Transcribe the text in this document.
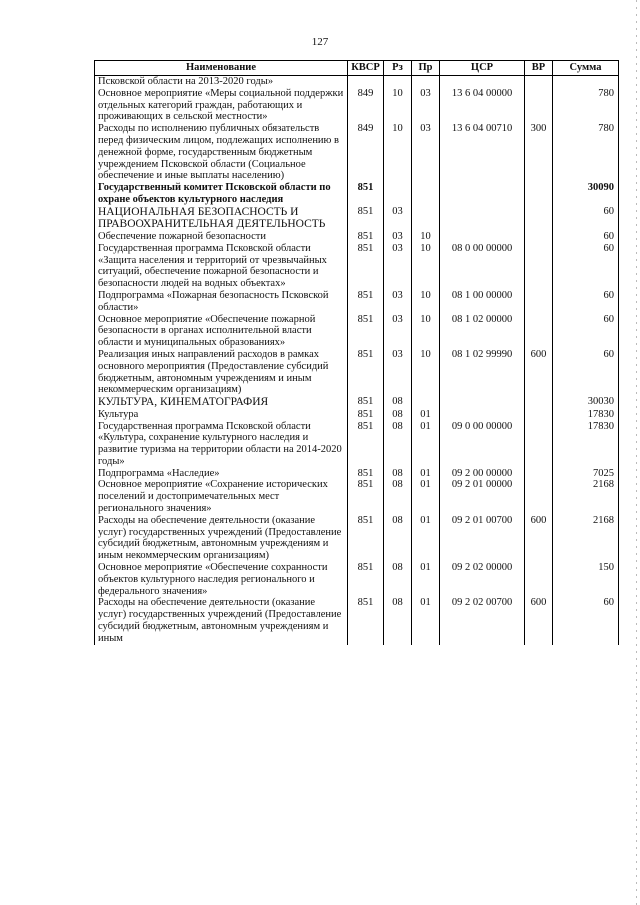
127
Наименование	КВСР	Рз	Пр	ЦСР	ВР	Сумма
Псковской области на 2013-2020 годы»						
Основное мероприятие «Меры социальной поддержки отдельных категорий граждан, работающих и проживающих в сельской местности»	849	10	03	13 6 04 00000		780
Расходы по исполнению публичных обязательств перед физическим лицом, подлежащих исполнению в денежной форме, государственным бюджетным учреждением Псковской области (Социальное обеспечение и иные выплаты населению)	849	10	03	13 6 04 00710	300	780
Государственный комитет Псковской области по охране объектов культурного наследия	851					30090
НАЦИОНАЛЬНАЯ БЕЗОПАСНОСТЬ И ПРАВООХРАНИТЕЛЬНАЯ ДЕЯТЕЛЬНОСТЬ	851	03				60
Обеспечение пожарной безопасности	851	03	10			60
Государственная программа Псковской области «Защита населения и территорий от чрезвычайных ситуаций, обеспечение пожарной безопасности и безопасности людей на водных объектах»	851	03	10	08 0 00 00000		60
Подпрограмма «Пожарная безопасность Псковской области»	851	03	10	08 1 00 00000		60
Основное мероприятие «Обеспечение пожарной безопасности в органах исполнительной власти области и муниципальных образованиях»	851	03	10	08 1 02 00000		60
Реализация иных направлений расходов в рамках основного мероприятия (Предоставление субсидий бюджетным, автономным учреждениям и иным некоммерческим организациям)	851	03	10	08 1 02 99990	600	60
КУЛЬТУРА, КИНЕМАТОГРАФИЯ	851	08				30030
Культура	851	08	01			17830
Государственная программа Псковской области «Культура, сохранение культурного наследия и развитие туризма на территории области на 2014-2020 годы»	851	08	01	09 0 00 00000		17830
Подпрограмма «Наследие»	851	08	01	09 2 00 00000		7025
Основное мероприятие «Сохранение исторических поселений и достопримечательных мест регионального значения»	851	08	01	09 2 01 00000		2168
Расходы на обеспечение деятельности (оказание услуг) государственных учреждений (Предоставление субсидий бюджетным, автономным учреждениям и иным некоммерческим организациям)	851	08	01	09 2 01 00700	600	2168
Основное мероприятие «Обеспечение сохранности объектов культурного наследия регионального и федерального значения»	851	08	01	09 2 02 00000		150
Расходы на обеспечение деятельности (оказание услуг) государственных учреждений (Предоставление субсидий бюджетным, автономным учреждениям и иным	851	08	01	09 2 02 00700	600	60
